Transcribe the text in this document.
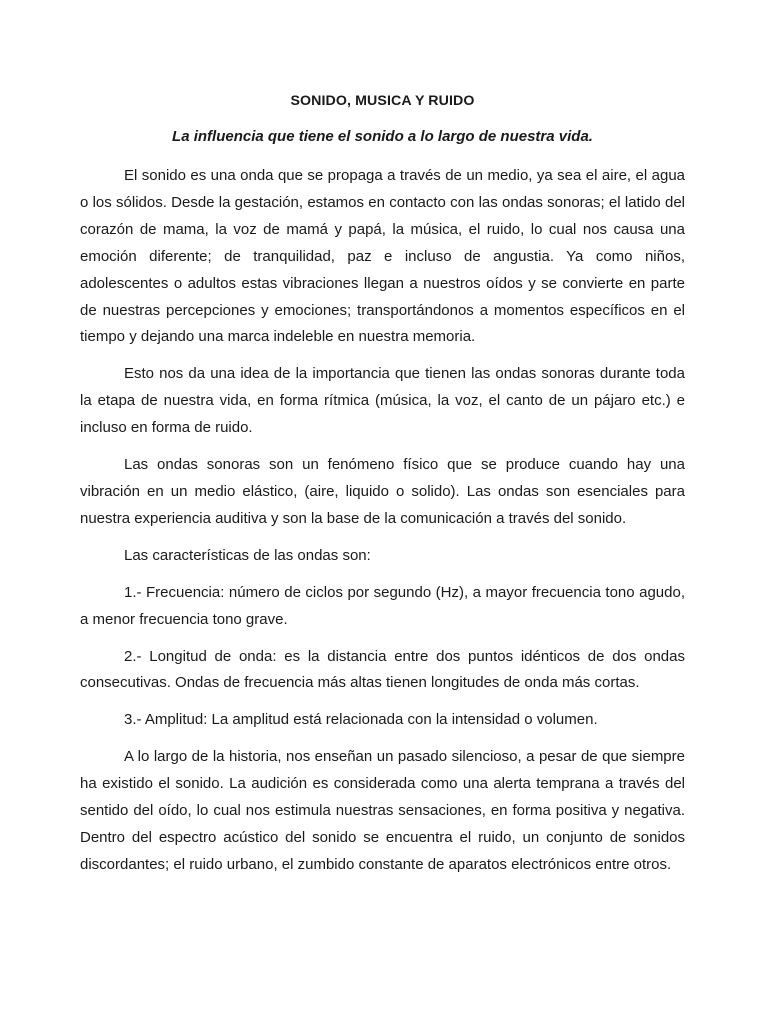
SONIDO, MUSICA Y RUIDO
La influencia que tiene el sonido a lo largo de nuestra vida.

El sonido es una onda que se propaga a través de un medio, ya sea el aire, el agua o los sólidos. Desde la gestación, estamos en contacto con las ondas sonoras; el latido del corazón de mama, la voz de mamá y papá, la música, el ruido, lo cual nos causa una emoción diferente; de tranquilidad, paz e incluso de angustia. Ya como niños, adolescentes o adultos estas vibraciones llegan a nuestros oídos y se convierte en parte de nuestras percepciones y emociones; transportándonos a momentos específicos en el tiempo y dejando una marca indeleble en nuestra memoria.

Esto nos da una idea de la importancia que tienen las ondas sonoras durante toda la etapa de nuestra vida, en forma rítmica (música, la voz, el canto de un pájaro etc.) e incluso en forma de ruido.

Las ondas sonoras son un fenómeno físico que se produce cuando hay una vibración en un medio elástico, (aire, liquido o solido). Las ondas son esenciales para nuestra experiencia auditiva y son la base de la comunicación a través del sonido.

Las características de las ondas son:

1.- Frecuencia: número de ciclos por segundo (Hz), a mayor frecuencia tono agudo, a menor frecuencia tono grave.

2.- Longitud de onda: es la distancia entre dos puntos idénticos de dos ondas consecutivas. Ondas de frecuencia más altas tienen longitudes de onda más cortas.

3.- Amplitud: La amplitud está relacionada con la intensidad o volumen.

A lo largo de la historia, nos enseñan un pasado silencioso, a pesar de que siempre ha existido el sonido. La audición es considerada como una alerta temprana a través del sentido del oído, lo cual nos estimula nuestras sensaciones, en forma positiva y negativa. Dentro del espectro acústico del sonido se encuentra el ruido, un conjunto de sonidos discordantes; el ruido urbano, el zumbido constante de aparatos electrónicos entre otros.
